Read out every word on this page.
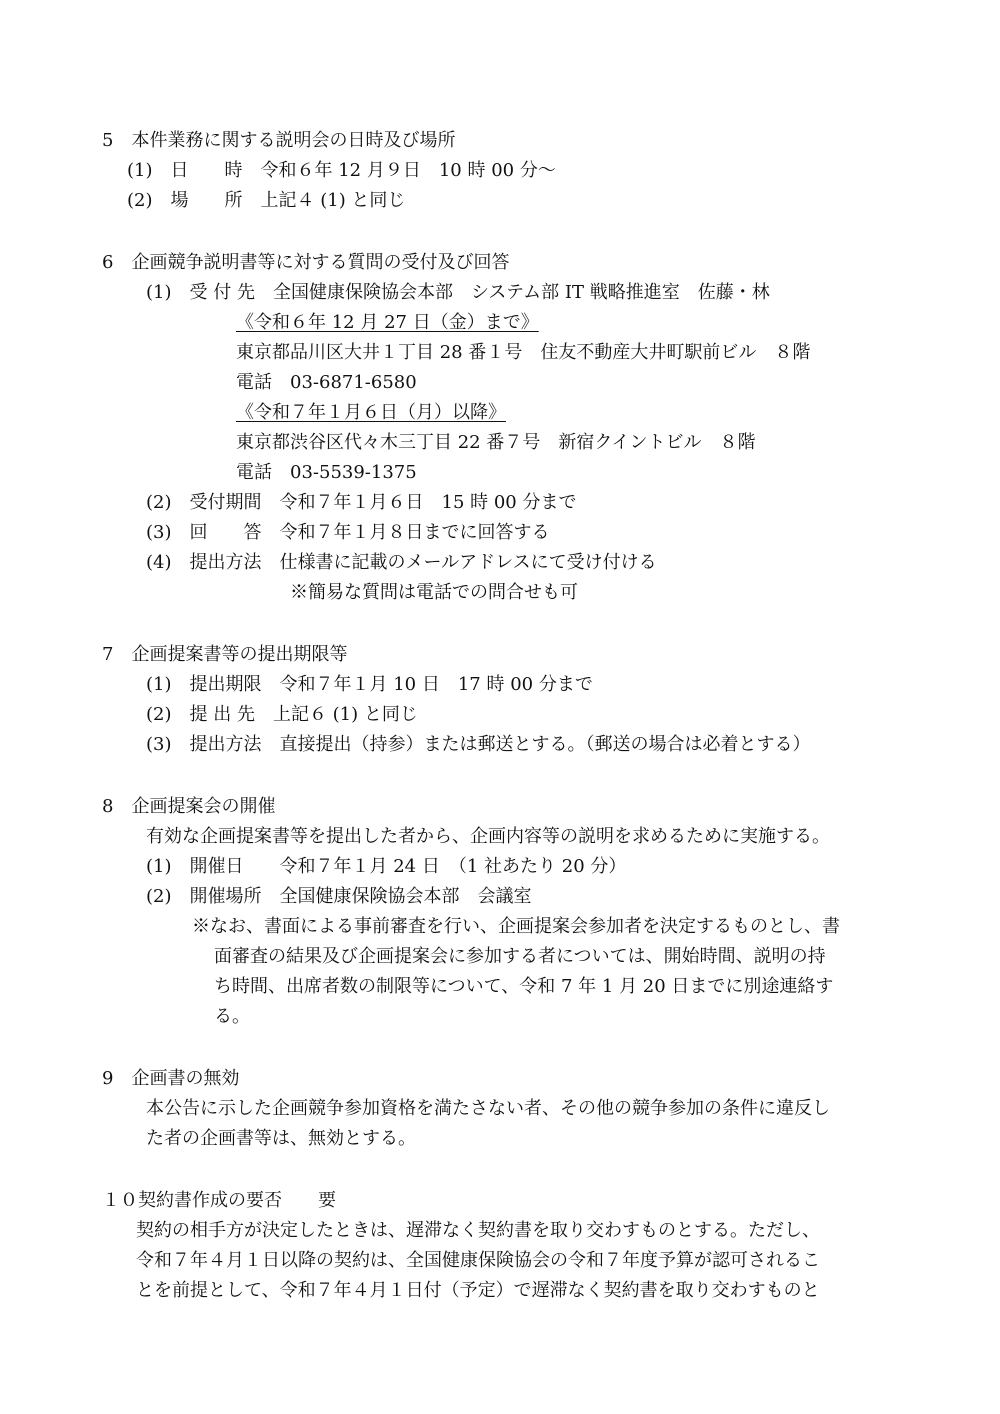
5　本件業務に関する説明会の日時及び場所
(1)　日　　時　令和６年 12 月９日　10 時 00 分～
(2)　場　　所　上記４ (1) と同じ
6　企画競争説明書等に対する質問の受付及び回答
(1)　受 付 先　全国健康保険協会本部　システム部 IT 戦略推進室　佐藤・林
《令和６年 12 月 27 日（金）まで》
東京都品川区大井１丁目 28 番１号　住友不動産大井町駅前ビル　８階
電話　03-6871-6580
《令和７年１月６日（月）以降》
東京都渋谷区代々木三丁目 22 番７号　新宿クイントビル　８階
電話　03-5539-1375
(2)　受付期間　令和７年１月６日　15 時 00 分まで
(3)　回　　答　令和７年１月８日までに回答する
(4)　提出方法　仕様書に記載のメールアドレスにて受け付ける
※簡易な質問は電話での問合せも可
7　企画提案書等の提出期限等
(1)　提出期限　令和７年１月 10 日　17 時 00 分まで
(2)　提 出 先　上記６ (1) と同じ
(3)　提出方法　直接提出（持参）または郵送とする。（郵送の場合は必着とする）
8　企画提案会の開催
有効な企画提案書等を提出した者から、企画内容等の説明を求めるために実施する。
(1)　開催日　　令和７年１月 24 日　（1 社あたり 20 分）
(2)　開催場所　全国健康保険協会本部　会議室
※なお、書面による事前審査を行い、企画提案会参加者を決定するものとし、書
面審査の結果及び企画提案会に参加する者については、開始時間、説明の持
ち時間、出席者数の制限等について、令和 7 年 1 月 20 日までに別途連絡す
る。
9　企画書の無効
本公告に示した企画競争参加資格を満たさない者、その他の競争参加の条件に違反し
た者の企画書等は、無効とする。
１０契約書作成の要否　　要
契約の相手方が決定したときは、遅滞なく契約書を取り交わすものとする。ただし、
令和７年４月１日以降の契約は、全国健康保険協会の令和７年度予算が認可されるこ
とを前提として、令和７年４月１日付（予定）で遅滞なく契約書を取り交わすものと
